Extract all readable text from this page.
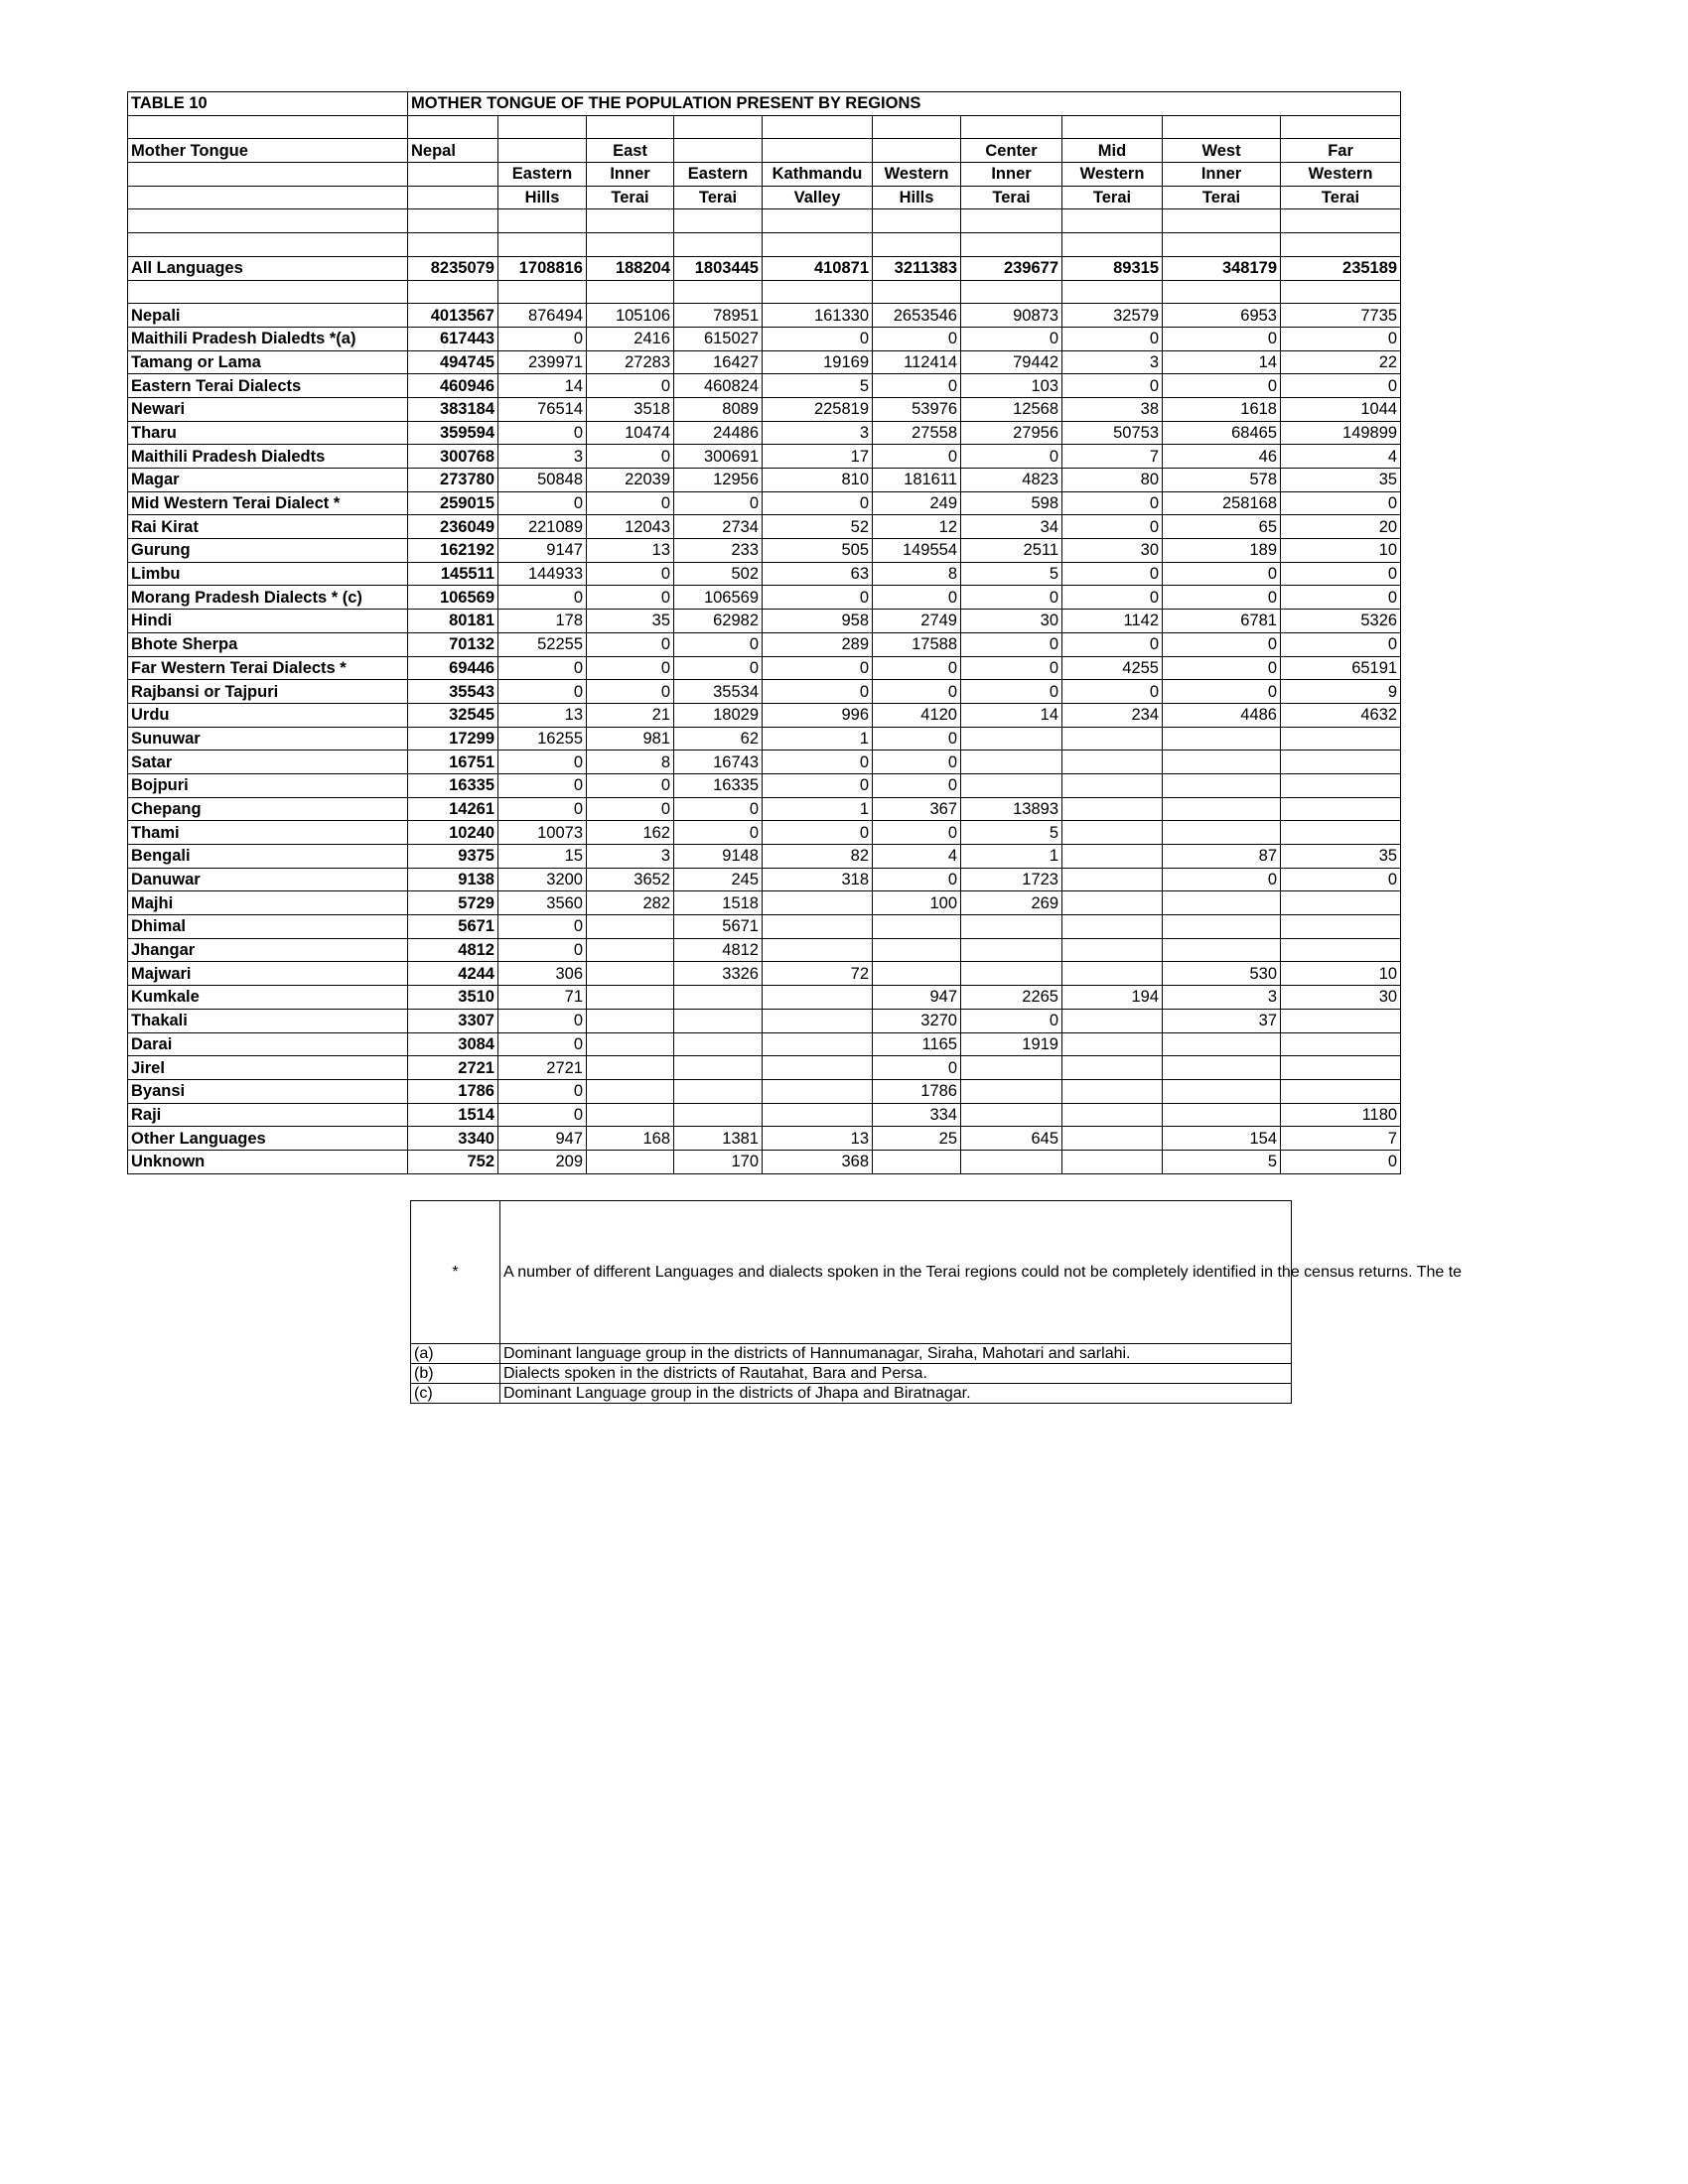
TABLE 10	MOTHER TONGUE OF THE POPULATION PRESENT BY REGIONS									

Mother Tongue	Nepal		East				Center	Mid	West	Far
		Eastern	Inner	Eastern	Kathmandu	Western	Inner	Western	Inner	Western
		Hills	Terai	Terai	Valley	Hills	Terai	Terai	Terai	Terai

All Languages	8235079	1708816	188204	1803445	410871	3211383	239677	89315	348179	235189

Nepali	4013567	876494	105106	78951	161330	2653546	90873	32579	6953	7735
Maithili Pradesh Dialedts *(a)	617443	0	2416	615027	0	0	0	0	0	0
Tamang or Lama	494745	239971	27283	16427	19169	112414	79442	3	14	22
Eastern Terai Dialects	460946	14	0	460824	5	0	103	0	0	0
Newari	383184	76514	3518	8089	225819	53976	12568	38	1618	1044
Tharu	359594	0	10474	24486	3	27558	27956	50753	68465	149899
Maithili Pradesh Dialedts	300768	3	0	300691	17	0	0	7	46	4
Magar	273780	50848	22039	12956	810	181611	4823	80	578	35
Mid Western Terai Dialect *	259015	0	0	0	0	249	598	0	258168	0
Rai Kirat	236049	221089	12043	2734	52	12	34	0	65	20
Gurung	162192	9147	13	233	505	149554	2511	30	189	10
Limbu	145511	144933	0	502	63	8	5	0	0	0
Morang Pradesh Dialects * (c)	106569	0	0	106569	0	0	0	0	0	0
Hindi	80181	178	35	62982	958	2749	30	1142	6781	5326
Bhote Sherpa	70132	52255	0	0	289	17588	0	0	0	0
Far Western Terai Dialects *	69446	0	0	0	0	0	0	4255	0	65191
Rajbansi or Tajpuri	35543	0	0	35534	0	0	0	0	0	9
Urdu	32545	13	21	18029	996	4120	14	234	4486	4632
Sunuwar	17299	16255	981	62	1	0				
Satar	16751	0	8	16743	0	0				
Bojpuri	16335	0	0	16335	0	0				
Chepang	14261	0	0	0	1	367	13893			
Thami	10240	10073	162	0	0	0	5			
Bengali	9375	15	3	9148	82	4	1		87	35
Danuwar	9138	3200	3652	245	318	0	1723		0	0
Majhi	5729	3560	282	1518		100	269			
Dhimal	5671	0		5671						
Jhangar	4812	0		4812						
Majwari	4244	306		3326	72				530	10
Kumkale	3510	71				947	2265	194	3	30
Thakali	3307	0				3270	0		37	
Darai	3084	0				1165	1919			
Jirel	2721	2721				0				
Byansi	1786	0				1786				
Raji	1514	0				334				1180
Other Languages	3340	947	168	1381	13	25	645		154	7
Unknown	752	209		170	368				5	0
*	A number of different Languages and dialects spoken in the Terai regions could not be completely identified in the census returns. The te

(a)	Dominant language group in the districts of Hannumanagar, Siraha, Mahotari and sarlahi.
(b)	Dialects spoken in the districts of Rautahat, Bara and Persa.
(c)	Dominant Language group in the districts of Jhapa and Biratnagar.
